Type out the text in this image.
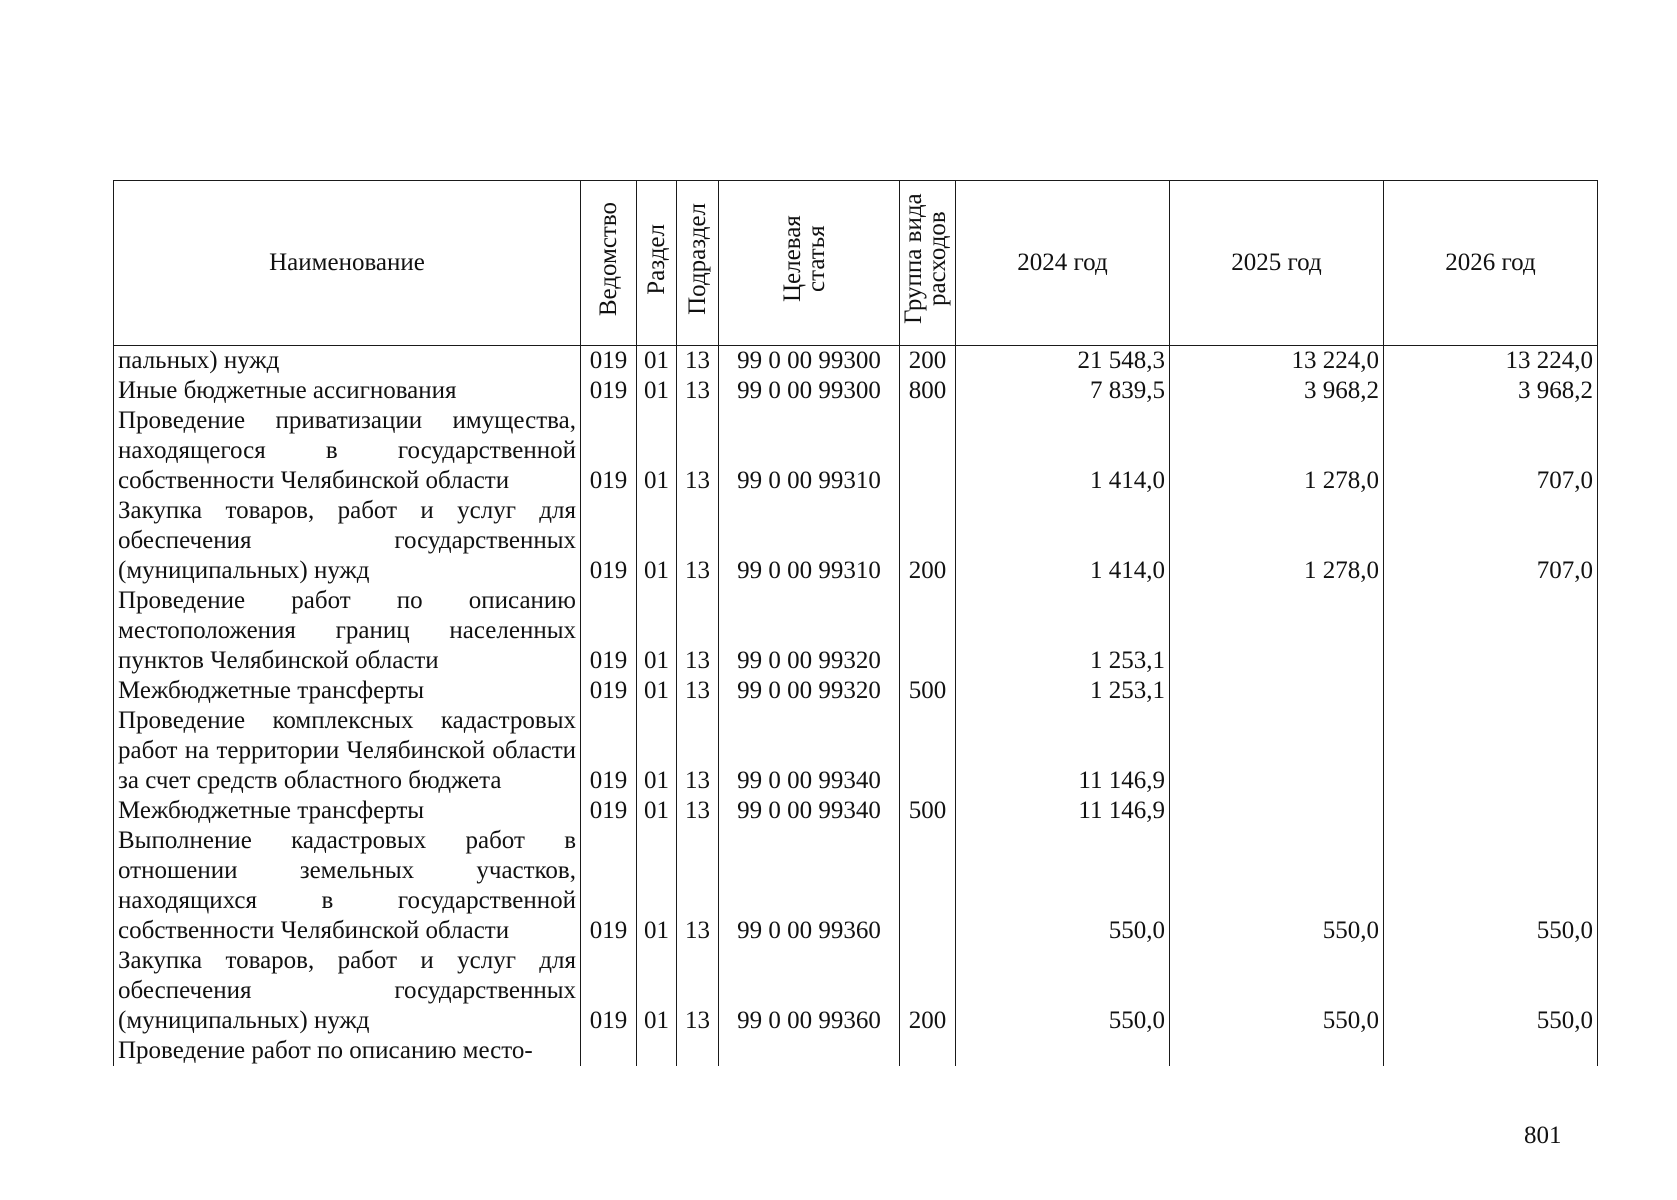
Наименование	Ведомство	Раздел	Подраздел	Целевая статья	Группа вида расходов	2024 год	2025 год	2026 год
пальных) нужд	019	01	13	99 0 00 99300	200	21 548,3	13 224,0	13 224,0
Иные бюджетные ассигнования	019	01	13	99 0 00 99300	800	7 839,5	3 968,2	3 968,2
Проведение приватизации имущества, находящегося в государственной собственности Челябинской области	019	01	13	99 0 00 99310		1 414,0	1 278,0	707,0
Закупка товаров, работ и услуг для обеспечения государственных (муниципальных) нужд	019	01	13	99 0 00 99310	200	1 414,0	1 278,0	707,0
Проведение работ по описанию местоположения границ населенных пунктов Челябинской области	019	01	13	99 0 00 99320		1 253,1		
Межбюджетные трансферты	019	01	13	99 0 00 99320	500	1 253,1		
Проведение комплексных кадастровых работ на территории Челябинской области за счет средств областного бюджета	019	01	13	99 0 00 99340		11 146,9		
Межбюджетные трансферты	019	01	13	99 0 00 99340	500	11 146,9		
Выполнение кадастровых работ в отношении земельных участков, находящихся в государственной собственности Челябинской области	019	01	13	99 0 00 99360		550,0	550,0	550,0
Закупка товаров, работ и услуг для обеспечения государственных (муниципальных) нужд	019	01	13	99 0 00 99360	200	550,0	550,0	550,0
Проведение работ по описанию место-								
801
